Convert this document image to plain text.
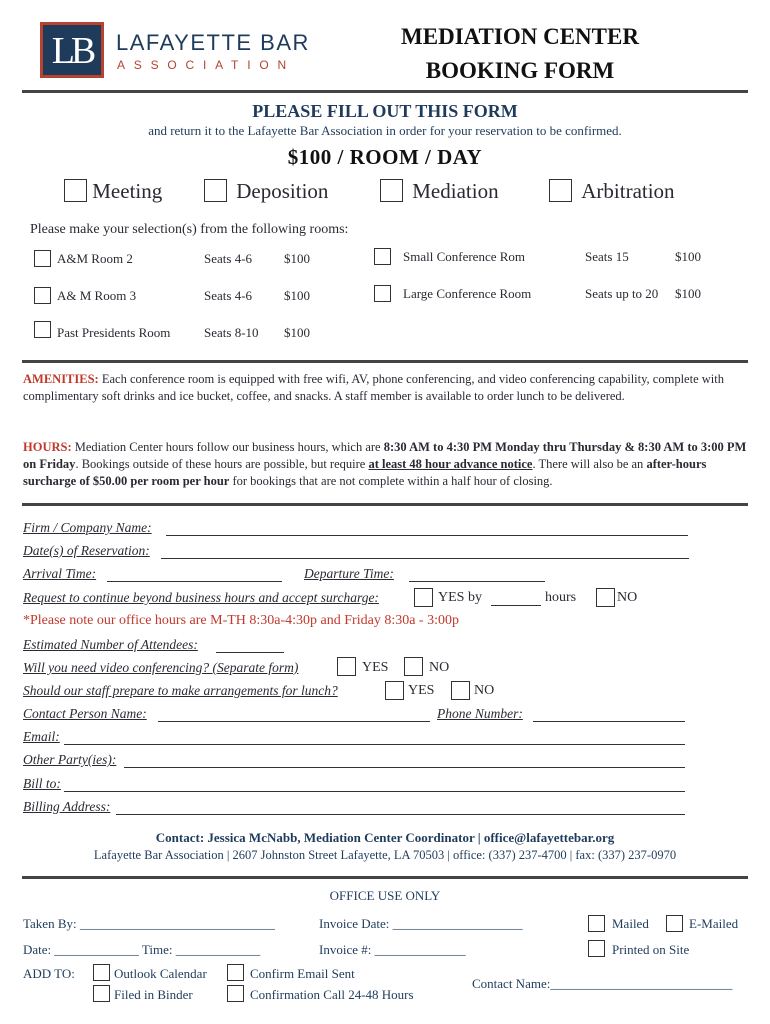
LB	LAFAYETTE BAR
ASSOCIATION
MEDIATION CENTER
BOOKING FORM
PLEASE FILL OUT THIS FORM
and return it to the Lafayette Bar Association in order for your reservation to be confirmed.
$100 / ROOM / DAY
Meeting	Deposition	Mediation	Arbitration
Please make your selection(s) from the following rooms:
A&M Room 2	Seats 4-6 $100
A& M Room 3	Seats 4-6 $100
Past Presidents Room	Seats 8-10 $100
Small Conference Rom	Seats 15	$100
Large Conference Room	Seats up to 20 $100
AMENITIES: Each conference room is equipped with free wifi, AV, phone conferencing, and video conferencing capability, complete with complimentary soft drinks and ice bucket, coffee, and snacks. A staff member is available to order lunch to be delivered.
HOURS: Mediation Center hours follow our business hours, which are 8:30 AM to 4:30 PM Monday thru Thursday & 8:30 AM to 3:00 PM on Friday. Bookings outside of these hours are possible, but require at least 48 hour advance notice. There will also be an after-hours surcharge of $50.00 per room per hour for bookings that are not complete within a half hour of closing.
Firm / Company Name:
Date(s) of Reservation:
Arrival Time:	Departure Time:
Request to continue beyond business hours and accept surcharge:	YES by	hours	NO
*Please note our office hours are M-TH 8:30a-4:30p and Friday 8:30a - 3:00p
Estimated Number of Attendees:
Will you need video conferencing? (Separate form)	YES	NO
Should our staff prepare to make arrangements for lunch?	YES	NO
Contact Person Name:	Phone Number:
Email:
Other Party(ies):
Bill to:
Billing Address:
Contact: Jessica McNabb, Mediation Center Coordinator | office@lafayettebar.org
Lafayette Bar Association | 2607 Johnston Street Lafayette, LA 70503 | office: (337) 237-4700 | fax: (337) 237-0970
OFFICE USE ONLY
Taken By: ______________________________	Invoice Date: ____________________	Mailed	E-Mailed
Date: _____________ Time: _____________	Invoice #: ______________	Printed on Site
ADD TO:	Outlook Calendar
Filed in Binder
Confirm Email Sent
Confirmation Call 24-48 Hours
Contact Name:____________________________
